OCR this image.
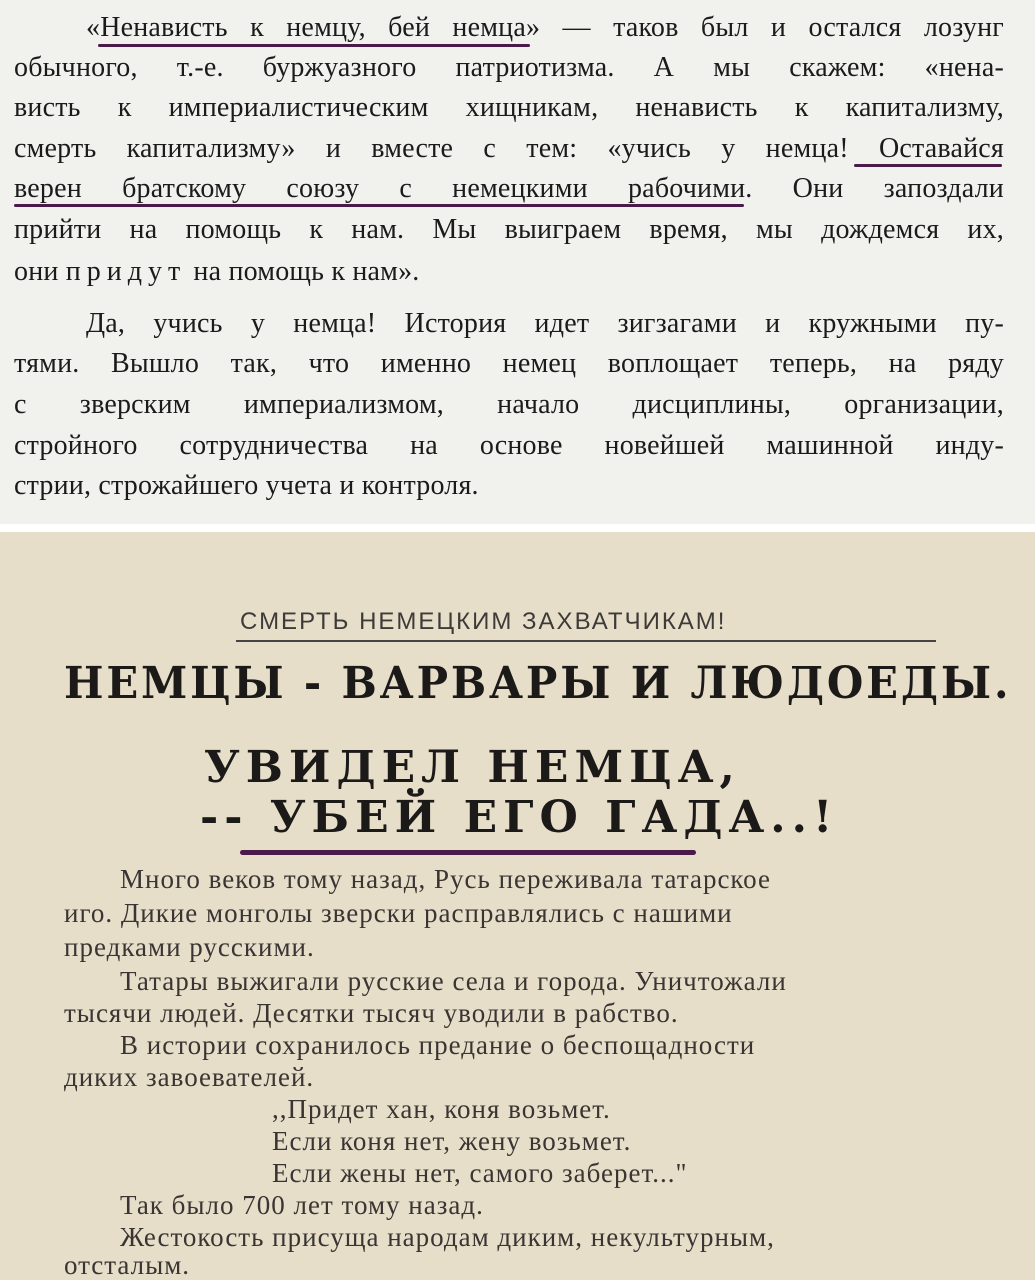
«Ненависть к немцу, бей немца» — таков был и остался лозунг
обычного, т.-е. буржуазного патриотизма. А мы скажем: «нена-
висть к империалистическим хищникам, ненависть к капитализму,
смерть капитализму» и вместе с тем: «учись у немца! Оставайся
верен братскому союзу с немецкими рабочими. Они запоздали
прийти на помощь к нам. Мы выиграем время, мы дождемся их,
они придут на помощь к нам».
Да, учись у немца! История идет зигзагами и кружными пу-
тями. Вышло так, что именно немец воплощает теперь, на ряду
с зверским империализмом, начало дисциплины, организации,
стройного сотрудничества на основе новейшей машинной инду-
стрии, строжайшего учета и контроля.
СМЕРТЬ НЕМЕЦКИМ ЗАХВАТЧИКАМ!
НЕМЦЫ - ВАРВАРЫ И ЛЮДОЕДЫ.
УВИДЕЛ НЕМЦА,
-- УБЕЙ ЕГО ГАДА..!
Много веков тому назад, Русь переживала татарское
иго. Дикие монголы зверски расправлялись с нашими
предками русскими.
Татары выжигали русские села и города. Уничтожали
тысячи людей. Десятки тысяч уводили в рабство.
В истории сохранилось предание о беспощадности
диких завоевателей.
,,Придет хан, коня возьмет.
Если коня нет, жену возьмет.
Если жены нет, самого заберет..."
Так было 700 лет тому назад.
Жестокость присуща народам диким, некультурным,
отсталым.
